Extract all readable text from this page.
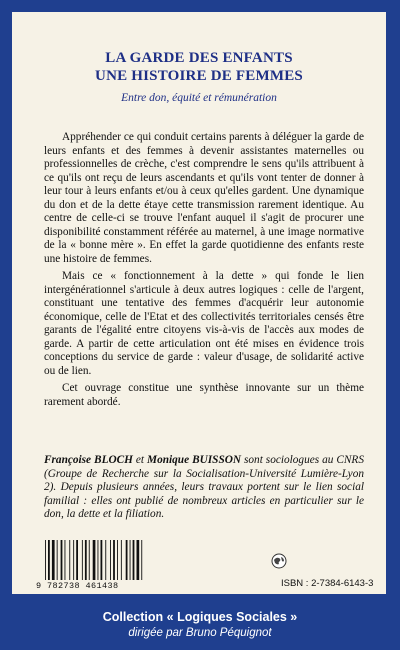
LA GARDE DES ENFANTS
UNE HISTOIRE DE FEMMES
Entre don, équité et rémunération

Appréhender ce qui conduit certains parents à déléguer la garde de leurs enfants et des femmes à devenir assistantes maternelles ou professionnelles de crèche, c'est comprendre le sens qu'ils attribuent à ce qu'ils ont reçu de leurs ascendants et qu'ils vont tenter de donner à leur tour à leurs enfants et/ou à ceux qu'elles gardent. Une dynamique du don et de la dette étaye cette transmission rarement identique. Au centre de celle-ci se trouve l'enfant auquel il s'agit de procurer une disponibilité constamment référée au maternel, à une image normative de la « bonne mère ». En effet la garde quotidienne des enfants reste une histoire de femmes.

Mais ce « fonctionnement à la dette » qui fonde le lien intergénérationnel s'articule à deux autres logiques : celle de l'argent, constituant une tentative des femmes d'acquérir leur autonomie économique, celle de l'Etat et des collectivités territoriales censés être garants de l'égalité entre citoyens vis-à-vis de l'accès aux modes de garde. A partir de cette articulation ont été mises en évidence trois conceptions du service de garde : valeur d'usage, de solidarité active ou de lien.

Cet ouvrage constitue une synthèse innovante sur un thème rarement abordé.

Françoise BLOCH et Monique BUISSON sont sociologues au CNRS (Groupe de Recherche sur la Socialisation-Université Lumière-Lyon 2). Depuis plusieurs années, leurs travaux portent sur le lien social familial : elles ont publié de nombreux articles en particulier sur le don, la dette et la filiation.
9 782738 461438	ISBN : 2-7384-6143-3
Collection « Logiques Sociales »
dirigée par Bruno Péquignot
